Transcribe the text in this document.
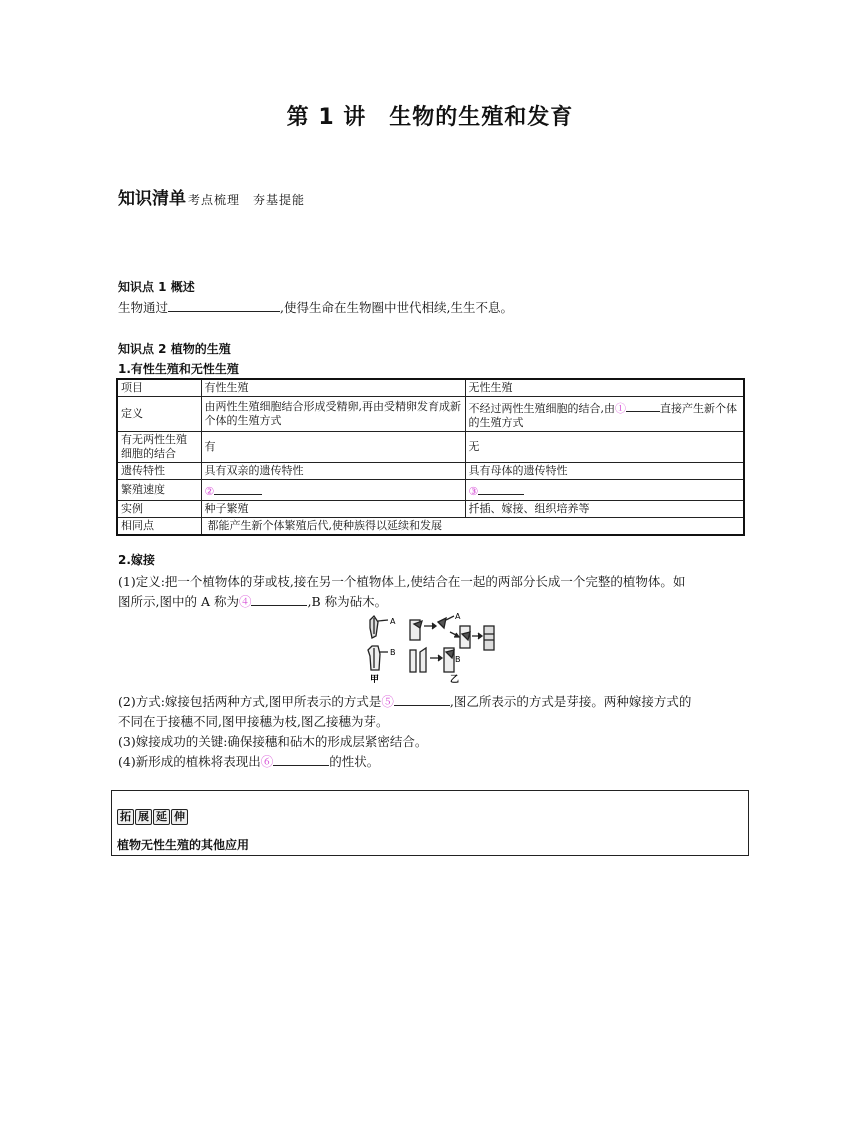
第 1 讲　生物的生殖和发育
知识清单 考点梳理　夯基提能
知识点 1 概述
生物通过	,使得生命在生物圈中世代相续,生生不息。
知识点 2 植物的生殖
1.有性生殖和无性生殖
项目	有性生殖	无性生殖
定义	由两性生殖细胞结合形成受精卵,再由受精卵发育成新个体的生殖方式	不经过两性生殖细胞的结合,由① 直接产生新个体的生殖方式
有无两性生殖细胞的结合	有	无
遗传特性	具有双亲的遗传特性	具有母体的遗传特性
繁殖速度	②	③
实例	种子繁殖	扦插、嫁接、组织培养等
相同点	都能产生新个体繁殖后代,使种族得以延续和发展	
2.嫁接
(1)定义:把一个植物体的芽或枝,接在另一个植物体上,使结合在一起的两部分长成一个完整的植物体。如
图所示,图中的 A 称为④	,B 称为砧木。
A
B
A
B
甲	乙
(2)方式:嫁接包括两种方式,图甲所表示的方式是⑤	,图乙所表示的方式是芽接。两种嫁接方式的
不同在于接穗不同,图甲接穗为枝,图乙接穗为芽。
(3)嫁接成功的关键:确保接穗和砧木的形成层紧密结合。
(4)新形成的植株将表现出⑥	的性状。
拓 展 延 伸
植物无性生殖的其他应用
